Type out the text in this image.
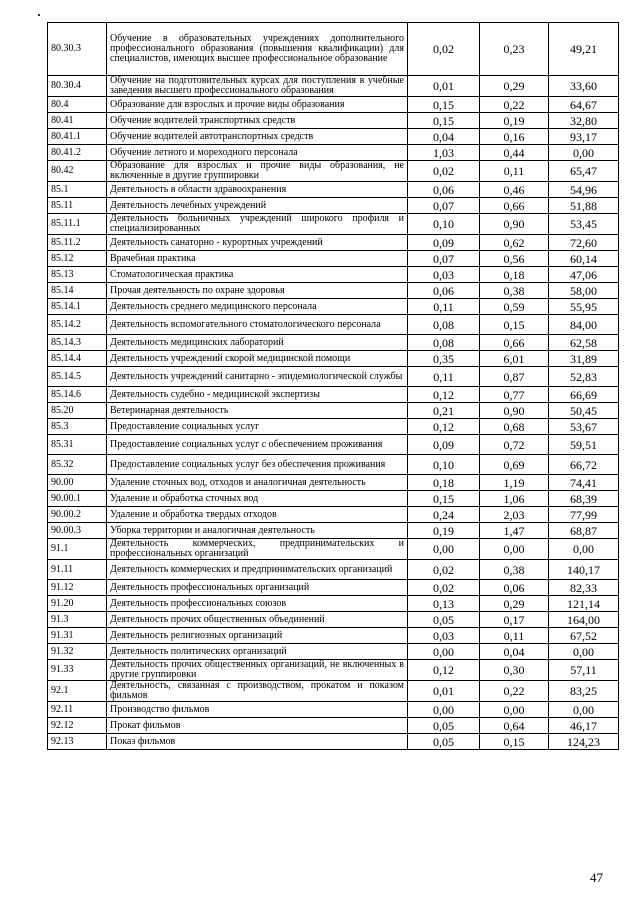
80.30.3	Обучение в образовательных учреждениях дополнительного профессионального образования (повышения квалификации) для специалистов, имеющих высшее профессиональное образование	0,02	0,23	49,21
80.30.4	Обучение на подготовительных курсах для поступления в учебные заведения высшего профессионального образования	0,01	0,29	33,60
80.4	Образование для взрослых и прочие виды образования	0,15	0,22	64,67
80.41	Обучение водителей транспортных средств	0,15	0,19	32,80
80.41.1	Обучение водителей автотранспортных средств	0,04	0,16	93,17
80.41.2	Обучение летного и мореходного персонала	1,03	0,44	0,00
80.42	Образование для взрослых и прочие виды образования, не включенные в другие группировки	0,02	0,11	65,47
85.1	Деятельность в области здравоохранения	0,06	0,46	54,96
85.11	Деятельность лечебных учреждений	0,07	0,66	51,88
85.11.1	Деятельность больничных учреждений широкого профиля и специализированных	0,10	0,90	53,45
85.11.2	Деятельность санаторно - курортных учреждений	0,09	0,62	72,60
85.12	Врачебная практика	0,07	0,56	60,14
85.13	Стоматологическая практика	0,03	0,18	47,06
85.14	Прочая деятельность по охране здоровья	0,06	0,38	58,00
85.14.1	Деятельность среднего медицинского персонала	0,11	0,59	55,95
85.14.2	Деятельность вспомогательного стоматологического персонала	0,08	0,15	84,00
85.14.3	Деятельность медицинских лабораторий	0,08	0,66	62,58
85.14.4	Деятельность учреждений скорой медицинской помощи	0,35	6,01	31,89
85.14.5	Деятельность учреждений санитарно - эпидемиологической службы	0,11	0,87	52,83
85.14.6	Деятельность судебно - медицинской экспертизы	0,12	0,77	66,69
85.20	Ветеринарная деятельность	0,21	0,90	50,45
85.3	Предоставление социальных услуг	0,12	0,68	53,67
85.31	Предоставление социальных услуг с обеспечением проживания	0,09	0,72	59,51
85.32	Предоставление социальных услуг без обеспечения проживания	0,10	0,69	66,72
90.00	Удаление сточных вод, отходов и аналогичная деятельность	0,18	1,19	74,41
90.00.1	Удаление и обработка сточных вод	0,15	1,06	68,39
90.00.2	Удаление и обработка твердых отходов	0,24	2,03	77,99
90.00.3	Уборка территории и аналогичная деятельность	0,19	1,47	68,87
91.1	Деятельность коммерческих, предпринимательских и профессиональных организаций	0,00	0,00	0,00
91.11	Деятельность коммерческих и предпринимательских организаций	0,02	0,38	140,17
91.12	Деятельность профессиональных организаций	0,02	0,06	82,33
91.20	Деятельность профессиональных союзов	0,13	0,29	121,14
91.3	Деятельность прочих общественных объединений	0,05	0,17	164,00
91.31	Деятельность религиозных организаций	0,03	0,11	67,52
91.32	Деятельность политических организаций	0,00	0,04	0,00
91.33	Деятельность прочих общественных организаций, не включенных в другие группировки	0,12	0,30	57,11
92.1	Деятельность, связанная с производством, прокатом и показом фильмов	0,01	0,22	83,25
92.11	Производство фильмов	0,00	0,00	0,00
92.12	Прокат фильмов	0,05	0,64	46,17
92.13	Показ фильмов	0,05	0,15	124,23
47
